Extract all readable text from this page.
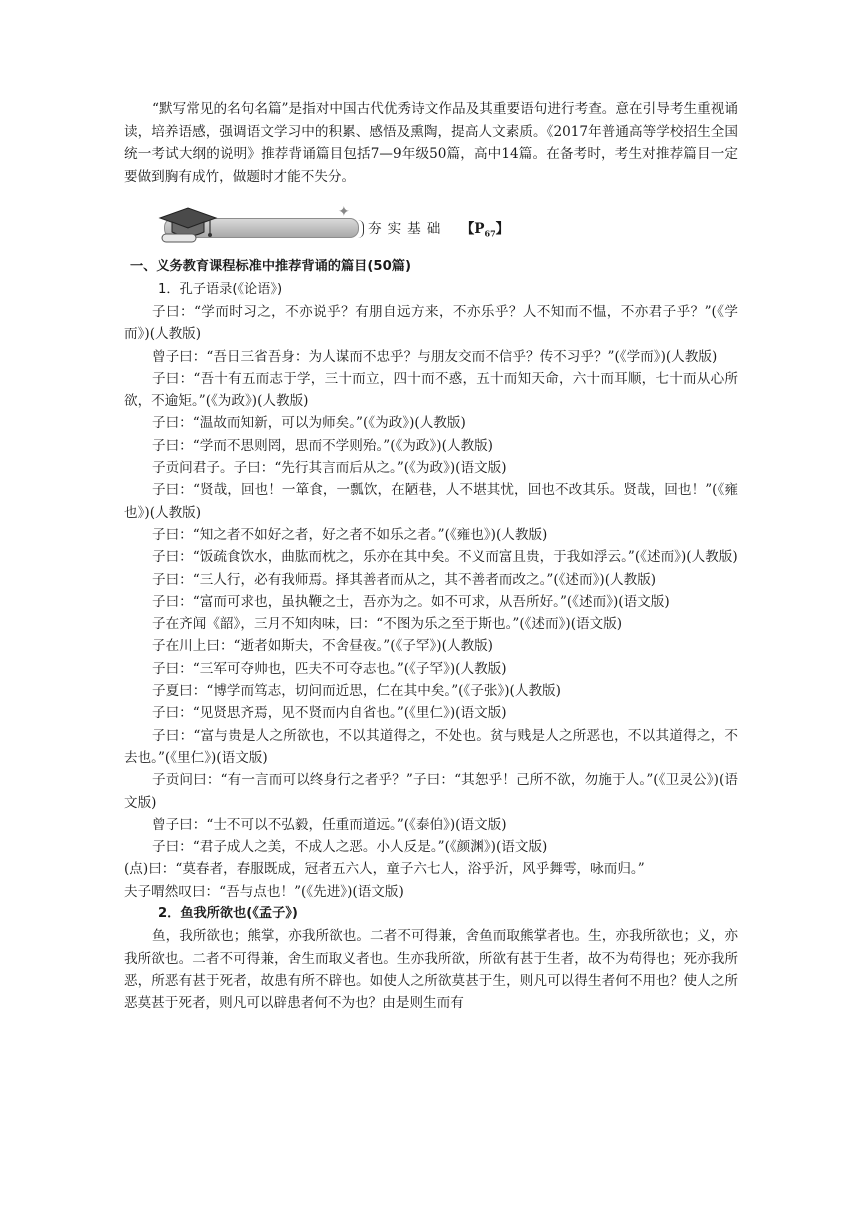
“默写常见的名句名篇”是指对中国古代优秀诗文作品及其重要语句进行考查。意在引导考生重视诵读，培养语感，强调语文学习中的积累、感悟及熏陶，提高人文素质。《2017年普通高等学校招生全国统一考试大纲的说明》推荐背诵篇目包括7—9年级50篇，高中14篇。在备考时，考生对推荐篇目一定要做到胸有成竹，做题时才能不失分。

✦
夯实基础 【$P_{67}$】

一、义务教育课程标准中推荐背诵的篇目(50篇)

1．孔子语录(《论语》)

子曰：“学而时习之，不亦说乎？有朋自远方来，不亦乐乎？人不知而不愠，不亦君子乎？”(《学而》)(人教版)

曾子曰：“吾日三省吾身：为人谋而不忠乎？与朋友交而不信乎？传不习乎？”(《学而》)(人教版)

子曰：“吾十有五而志于学，三十而立，四十而不惑，五十而知天命，六十而耳顺，七十而从心所欲，不逾矩。”(《为政》)(人教版)

子曰：“温故而知新，可以为师矣。”(《为政》)(人教版)

子曰：“学而不思则罔，思而不学则殆。”(《为政》)(人教版)

子贡问君子。子曰：“先行其言而后从之。”(《为政》)(语文版)

子曰：“贤哉，回也！一箪食，一瓢饮，在陋巷，人不堪其忧，回也不改其乐。贤哉，回也！”(《雍也》)(人教版)

子曰：“知之者不如好之者，好之者不如乐之者。”(《雍也》)(人教版)

子曰：“饭疏食饮水，曲肱而枕之，乐亦在其中矣。不义而富且贵，于我如浮云。”(《述而》)(人教版)

子曰：“三人行，必有我师焉。择其善者而从之，其不善者而改之。”(《述而》)(人教版)

子曰：“富而可求也，虽执鞭之士，吾亦为之。如不可求，从吾所好。”(《述而》)(语文版)

子在齐闻《韶》，三月不知肉味，曰：“不图为乐之至于斯也。”(《述而》)(语文版)

子在川上曰：“逝者如斯夫，不舍昼夜。”(《子罕》)(人教版)

子曰：“三军可夺帅也，匹夫不可夺志也。”(《子罕》)(人教版)

子夏曰：“博学而笃志，切问而近思，仁在其中矣。”(《子张》)(人教版)

子曰：“见贤思齐焉，见不贤而内自省也。”(《里仁》)(语文版)

子曰：“富与贵是人之所欲也，不以其道得之，不处也。贫与贱是人之所恶也，不以其道得之，不去也。”(《里仁》)(语文版)

子贡问曰：“有一言而可以终身行之者乎？”子曰：“其恕乎！己所不欲，勿施于人。”(《卫灵公》)(语文版)

曾子曰：“士不可以不弘毅，任重而道远。”(《泰伯》)(语文版)

子曰：“君子成人之美，不成人之恶。小人反是。”(《颜渊》)(语文版)

(点)曰：“莫春者，春服既成，冠者五六人，童子六七人，浴乎沂，风乎舞雩，咏而归。”

夫子喟然叹曰：“吾与点也！”(《先进》)(语文版)

2．鱼我所欲也(《孟子》)

鱼，我所欲也；熊掌，亦我所欲也。二者不可得兼，舍鱼而取熊掌者也。生，亦我所欲也；义，亦我所欲也。二者不可得兼，舍生而取义者也。生亦我所欲，所欲有甚于生者，故不为苟得也；死亦我所恶，所恶有甚于死者，故患有所不辟也。如使人之所欲莫甚于生，则凡可以得生者何不用也？使人之所恶莫甚于死者，则凡可以辟患者何不为也？由是则生而有
